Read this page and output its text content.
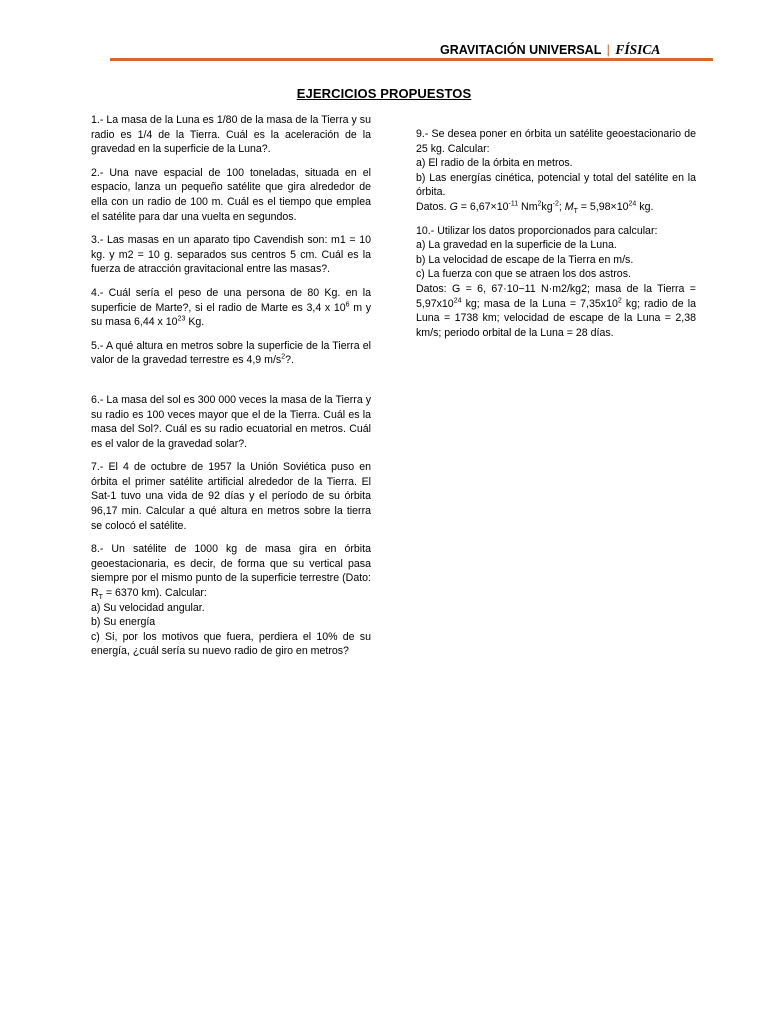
GRAVITACIÓN UNIVERSAL | FÍSICA
EJERCICIOS PROPUESTOS

1.- La masa de la Luna es 1/80 de la masa de la Tierra y su radio es 1/4 de la Tierra. Cuál es la aceleración de la gravedad en la superficie de la Luna?.

2.- Una nave espacial de 100 toneladas, situada en el espacio, lanza un pequeño satélite que gira alrededor de ella con un radio de 100 m. Cuál es el tiempo que emplea el satélite para dar una vuelta en segundos.

3.- Las masas en un aparato tipo Cavendish son: m1 = 10 kg. y m2 = 10 g. separados sus centros 5 cm. Cuál es la fuerza de atracción gravitacional entre las masas?.

4.- Cuál sería el peso de una persona de 80 Kg. en la superficie de Marte?, si el radio de Marte es 3,4 x $10^6$ m y su masa 6,44 x $10^{23}$ Kg.

5.- A qué altura en metros sobre la superficie de la Tierra el valor de la gravedad terrestre es 4,9 $m/s^2$?.

6.- La masa del sol es 300 000 veces la masa de la Tierra y su radio es 100 veces mayor que el de la Tierra. Cuál es la masa del Sol?. Cuál es su radio ecuatorial en metros. Cuál es el valor de la gravedad solar?.

7.- El 4 de octubre de 1957 la Unión Soviética puso en órbita el primer satélite artificial alrededor de la Tierra. El Sat-1 tuvo una vida de 92 días y el período de su órbita 96,17 min. Calcular a qué altura en metros sobre la tierra se colocó el satélite.

8.- Un satélite de 1000 kg de masa gira en órbita geoestacionaria, es decir, de forma que su vertical pasa siempre por el mismo punto de la superficie terrestre (Dato: $R_T = 6370$ km). Calcular:
a) Su velocidad angular.
b) Su energía
c) Si, por los motivos que fuera, perdiera el 10% de su energía, ¿cuál sería su nuevo radio de giro en metros?

9.- Se desea poner en órbita un satélite geoestacionario de 25 kg. Calcular:
a) El radio de la órbita en metros.
b) Las energías cinética, potencial y total del satélite en la órbita.
Datos. $G = 6,67\times 10^{-11}$ $Nm^2kg^{-2}$; $M_T = 5,98\times 10^{24}$ kg.

10.- Utilizar los datos proporcionados para calcular:
a) La gravedad en la superficie de la Luna.
b) La velocidad de escape de la Tierra en m/s.
c) La fuerza con que se atraen los dos astros.
Datos: G = 6, 67·10−11 N·m2/kg2; masa de la Tierra = $5,97x10^{24}$ kg; masa de la Luna = $7,35x10^2$ kg; radio de la Luna = 1738 km; velocidad de escape de la Luna = 2,38 km/s; periodo orbital de la Luna = 28 días.
